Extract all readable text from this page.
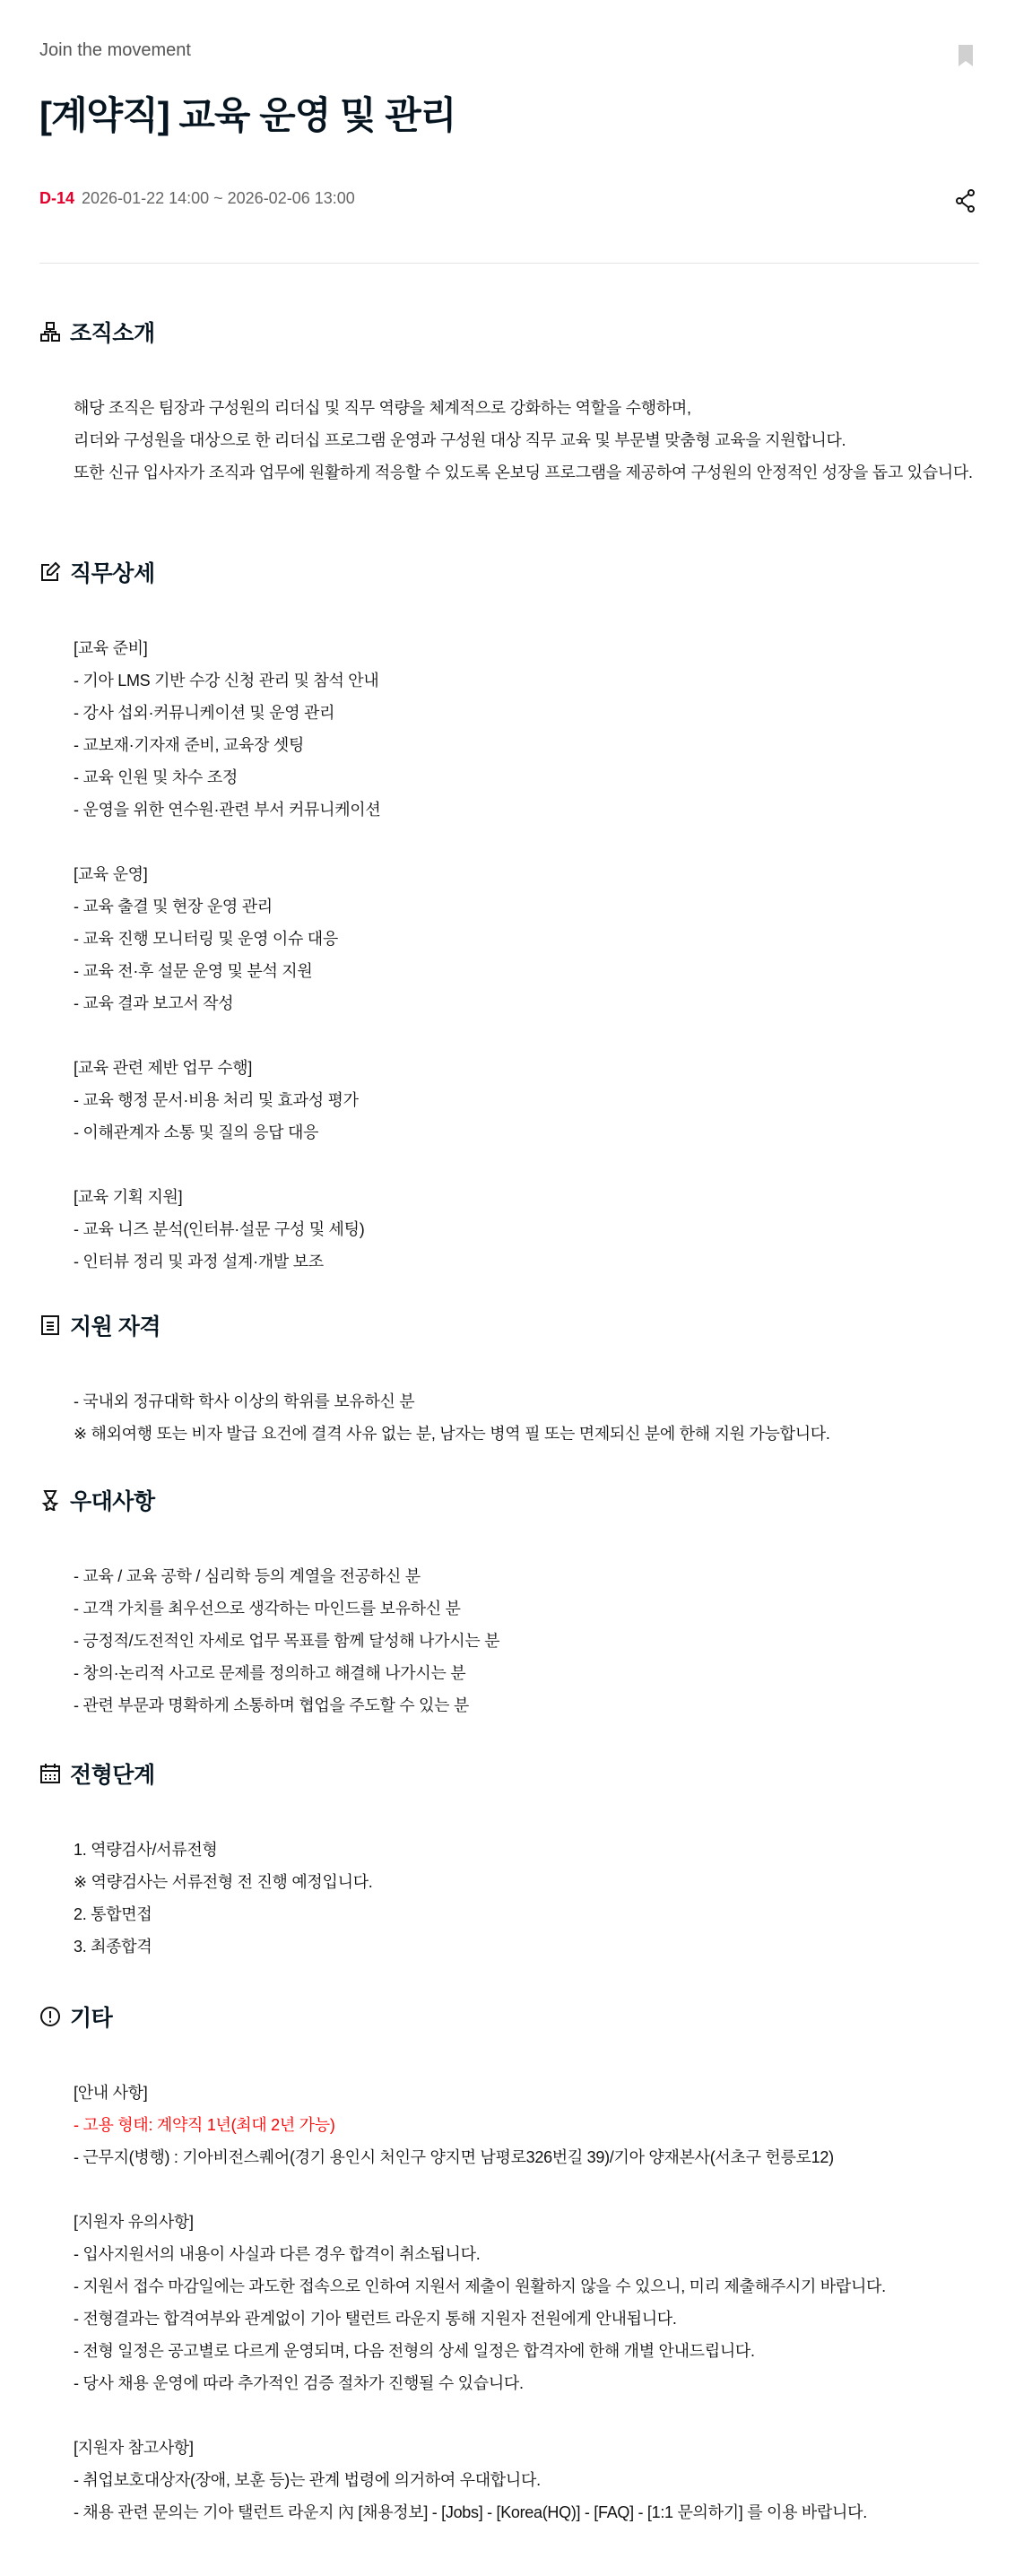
Join the movement
[계약직] 교육 운영 및 관리
D-14 2026-01-22 14:00 ~ 2026-02-06 13:00
조직소개
해당 조직은 팀장과 구성원의 리더십 및 직무 역량을 체계적으로 강화하는 역할을 수행하며,
리더와 구성원을 대상으로 한 리더십 프로그램 운영과 구성원 대상 직무 교육 및 부문별 맞춤형 교육을 지원합니다.
또한 신규 입사자가 조직과 업무에 원활하게 적응할 수 있도록 온보딩 프로그램을 제공하여 구성원의 안정적인 성장을 돕고 있습니다.
직무상세
[교육 준비]
- 기아 LMS 기반 수강 신청 관리 및 참석 안내
- 강사 섭외·커뮤니케이션 및 운영 관리
- 교보재·기자재 준비, 교육장 셋팅
- 교육 인원 및 차수 조정
- 운영을 위한 연수원·관련 부서 커뮤니케이션
[교육 운영]
- 교육 출결 및 현장 운영 관리
- 교육 진행 모니터링 및 운영 이슈 대응
- 교육 전·후 설문 운영 및 분석 지원
- 교육 결과 보고서 작성
[교육 관련 제반 업무 수행]
- 교육 행정 문서·비용 처리 및 효과성 평가
- 이해관계자 소통 및 질의 응답 대응
[교육 기획 지원]
- 교육 니즈 분석(인터뷰·설문 구성 및 세팅)
- 인터뷰 정리 및 과정 설계·개발 보조
지원 자격
- 국내외 정규대학 학사 이상의 학위를 보유하신 분
※ 해외여행 또는 비자 발급 요건에 결격 사유 없는 분, 남자는 병역 필 또는 면제되신 분에 한해 지원 가능합니다.
우대사항
- 교육 / 교육 공학 / 심리학 등의 계열을 전공하신 분
- 고객 가치를 최우선으로 생각하는 마인드를 보유하신 분
- 긍정적/도전적인 자세로 업무 목표를 함께 달성해 나가시는 분
- 창의·논리적 사고로 문제를 정의하고 해결해 나가시는 분
- 관련 부문과 명확하게 소통하며 협업을 주도할 수 있는 분
전형단계
1. 역량검사/서류전형
※ 역량검사는 서류전형 전 진행 예정입니다.
2. 통합면접
3. 최종합격
기타
[안내 사항]
- 고용 형태: 계약직 1년(최대 2년 가능)
- 근무지(병행) : 기아비전스퀘어(경기 용인시 처인구 양지면 남평로326번길 39)/기아 양재본사(서초구 헌릉로12)
[지원자 유의사항]
- 입사지원서의 내용이 사실과 다른 경우 합격이 취소됩니다.
- 지원서 접수 마감일에는 과도한 접속으로 인하여 지원서 제출이 원활하지 않을 수 있으니, 미리 제출해주시기 바랍니다.
- 전형결과는 합격여부와 관계없이 기아 탤런트 라운지 통해 지원자 전원에게 안내됩니다.
- 전형 일정은 공고별로 다르게 운영되며, 다음 전형의 상세 일정은 합격자에 한해 개별 안내드립니다.
- 당사 채용 운영에 따라 추가적인 검증 절차가 진행될 수 있습니다.
[지원자 참고사항]
- 취업보호대상자(장애, 보훈 등)는 관계 법령에 의거하여 우대합니다.
- 채용 관련 문의는 기아 탤런트 라운지 內 [채용정보] - [Jobs] - [Korea(HQ)] - [FAQ] - [1:1 문의하기] 를 이용 바랍니다.
